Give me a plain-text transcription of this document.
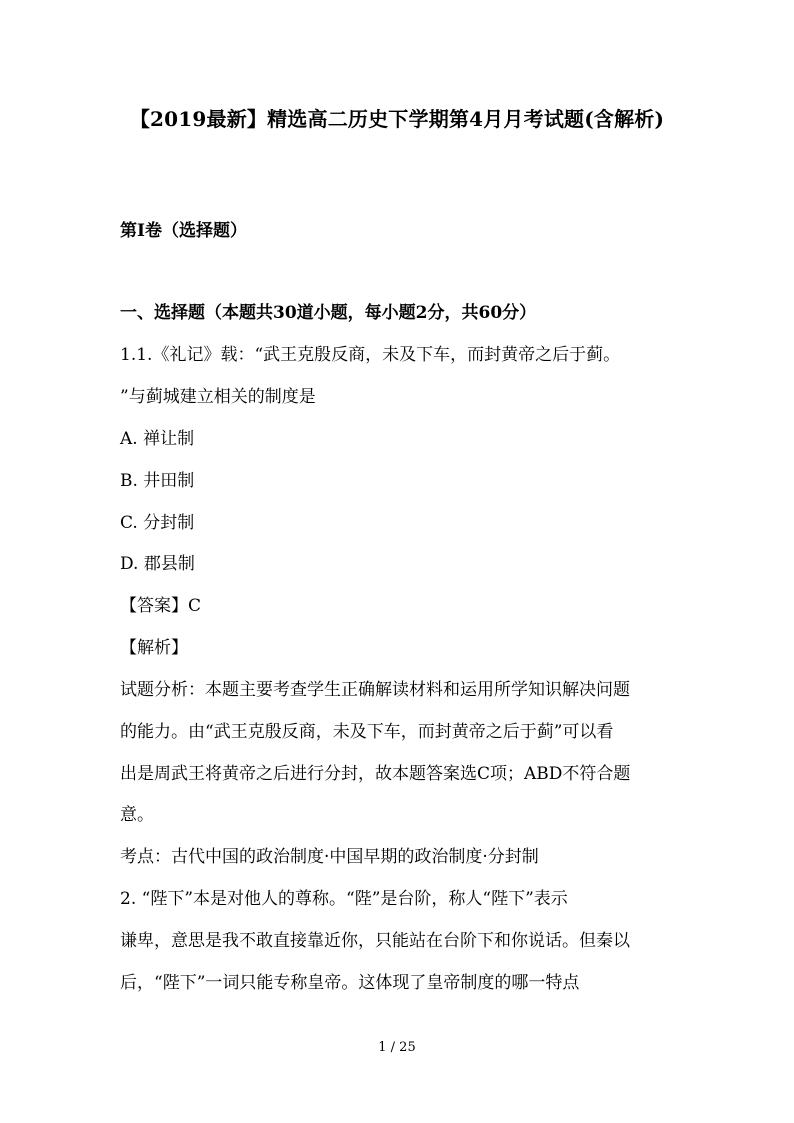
【2019最新】精选高二历史下学期第4月月考试题(含解析)
第Ⅰ卷（选择题）
一、选择题（本题共30道小题，每小题2分，共60分）
1.1.《礼记》载：“武王克殷反商，未及下车，而封黄帝之后于蓟。
”与蓟城建立相关的制度是
A. 禅让制
B. 井田制
C. 分封制
D. 郡县制
【答案】C
【解析】
试题分析：本题主要考查学生正确解读材料和运用所学知识解决问题
的能力。由“武王克殷反商，未及下车，而封黄帝之后于蓟”可以看
出是周武王将黄帝之后进行分封，故本题答案选C项；ABD不符合题
意。
考点：古代中国的政治制度·中国早期的政治制度·分封制
2. “陛下”本是对他人的尊称。“陛”是台阶，称人“陛下”表示
谦卑，意思是我不敢直接靠近你，只能站在台阶下和你说话。但秦以
后，“陛下”一词只能专称皇帝。这体现了皇帝制度的哪一特点
1 / 25
